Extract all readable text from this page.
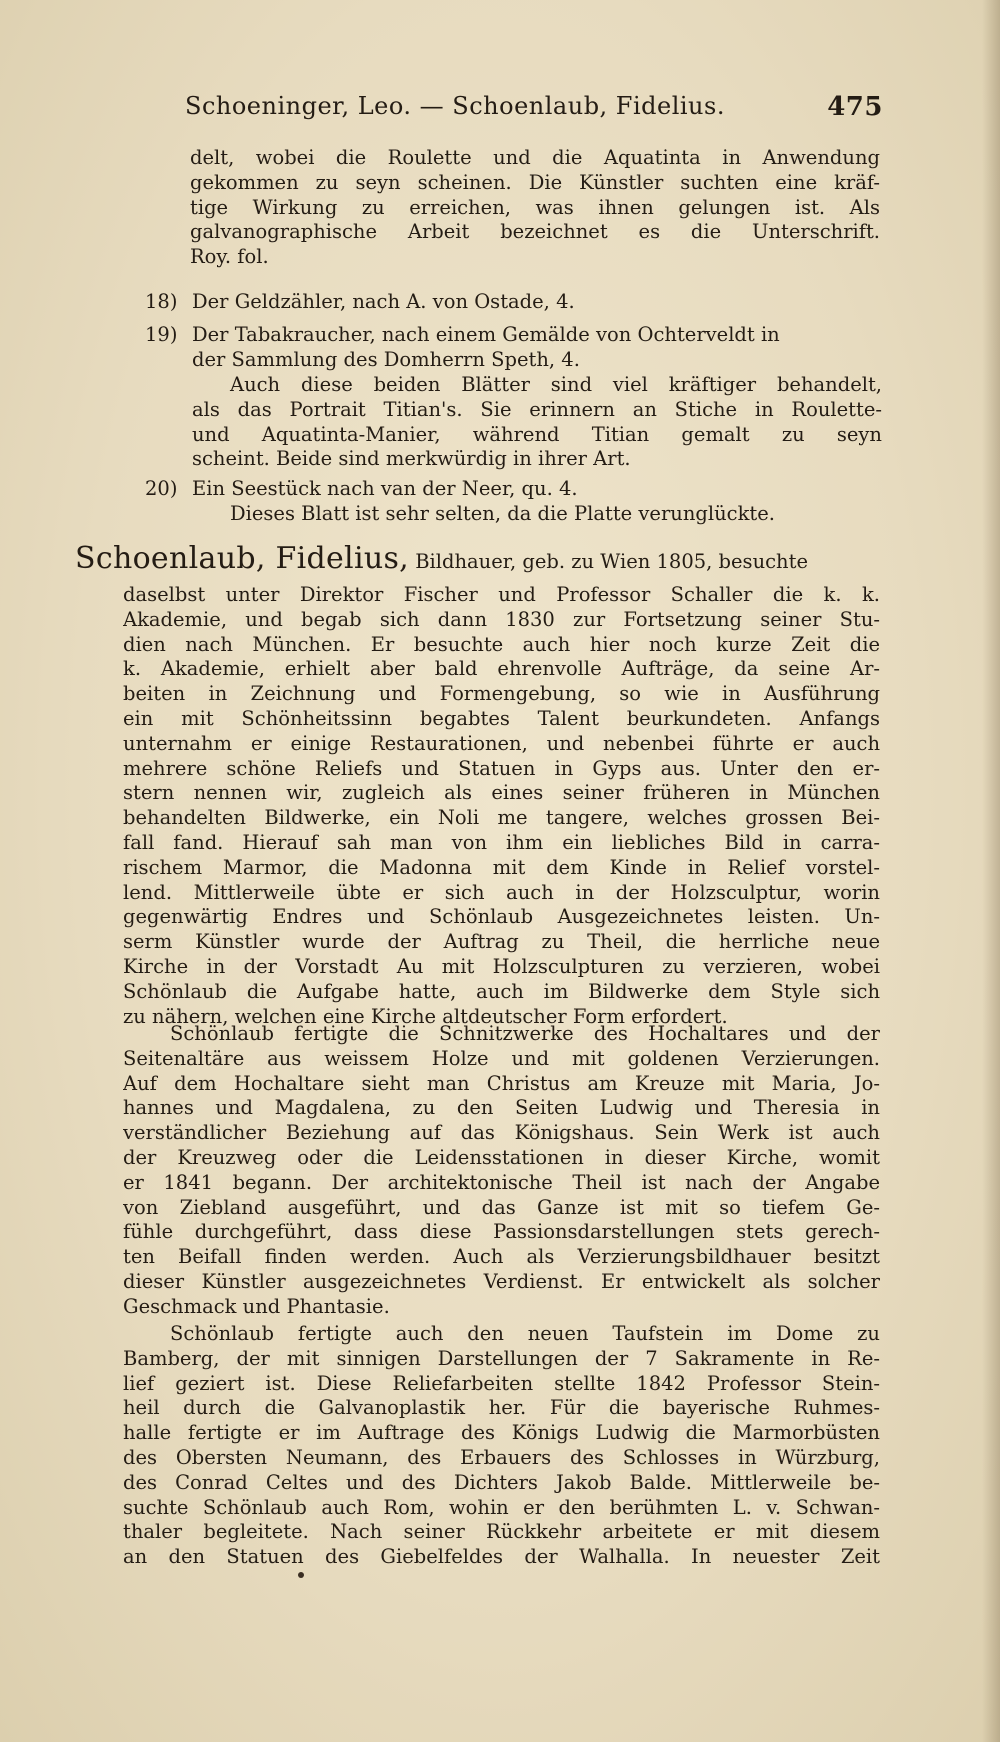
Schoeninger, Leo. — Schoenlaub, Fidelius.	475
delt, wobei die Roulette und die Aquatinta in Anwendung
gekommen zu seyn scheinen. Die Künstler suchten eine kräf-
tige Wirkung zu erreichen, was ihnen gelungen ist. Als
galvanographische Arbeit bezeichnet es die Unterschrift.
Roy. fol.
18) Der Geldzähler, nach A. von Ostade, 4.
19) Der Tabakraucher, nach einem Gemälde von Ochterveldt in
der Sammlung des Domherrn Speth, 4.
Auch diese beiden Blätter sind viel kräftiger behandelt,
als das Portrait Titian's. Sie erinnern an Stiche in Roulette-
und Aquatinta-Manier, während Titian gemalt zu seyn
scheint. Beide sind merkwürdig in ihrer Art.
20) Ein Seestück nach van der Neer, qu. 4.
Dieses Blatt ist sehr selten, da die Platte verunglückte.
Schoenlaub, Fidelius, Bildhauer, geb. zu Wien 1805, besuchte
daselbst unter Direktor Fischer und Professor Schaller die k. k.
Akademie, und begab sich dann 1830 zur Fortsetzung seiner Stu-
dien nach München. Er besuchte auch hier noch kurze Zeit die
k. Akademie, erhielt aber bald ehrenvolle Aufträge, da seine Ar-
beiten in Zeichnung und Formengebung, so wie in Ausführung
ein mit Schönheitssinn begabtes Talent beurkundeten. Anfangs
unternahm er einige Restaurationen, und nebenbei führte er auch
mehrere schöne Reliefs und Statuen in Gyps aus. Unter den er-
stern nennen wir, zugleich als eines seiner früheren in München
behandelten Bildwerke, ein Noli me tangere, welches grossen Bei-
fall fand. Hierauf sah man von ihm ein liebliches Bild in carra-
rischem Marmor, die Madonna mit dem Kinde in Relief vorstel-
lend. Mittlerweile übte er sich auch in der Holzsculptur, worin
gegenwärtig Endres und Schönlaub Ausgezeichnetes leisten. Un-
serm Künstler wurde der Auftrag zu Theil, die herrliche neue
Kirche in der Vorstadt Au mit Holzsculpturen zu verzieren, wobei
Schönlaub die Aufgabe hatte, auch im Bildwerke dem Style sich
zu nähern, welchen eine Kirche altdeutscher Form erfordert.
Schönlaub fertigte die Schnitzwerke des Hochaltares und der
Seitenaltäre aus weissem Holze und mit goldenen Verzierungen.
Auf dem Hochaltare sieht man Christus am Kreuze mit Maria, Jo-
hannes und Magdalena, zu den Seiten Ludwig und Theresia in
verständlicher Beziehung auf das Königshaus. Sein Werk ist auch
der Kreuzweg oder die Leidensstationen in dieser Kirche, womit
er 1841 begann. Der architektonische Theil ist nach der Angabe
von Ziebland ausgeführt, und das Ganze ist mit so tiefem Ge-
fühle durchgeführt, dass diese Passionsdarstellungen stets gerech-
ten Beifall finden werden. Auch als Verzierungsbildhauer besitzt
dieser Künstler ausgezeichnetes Verdienst. Er entwickelt als solcher
Geschmack und Phantasie.
Schönlaub fertigte auch den neuen Taufstein im Dome zu
Bamberg, der mit sinnigen Darstellungen der 7 Sakramente in Re-
lief geziert ist. Diese Reliefarbeiten stellte 1842 Professor Stein-
heil durch die Galvanoplastik her. Für die bayerische Ruhmes-
halle fertigte er im Auftrage des Königs Ludwig die Marmorbüsten
des Obersten Neumann, des Erbauers des Schlosses in Würzburg,
des Conrad Celtes und des Dichters Jakob Balde. Mittlerweile be-
suchte Schönlaub auch Rom, wohin er den berühmten L. v. Schwan-
thaler begleitete. Nach seiner Rückkehr arbeitete er mit diesem
an den Statuen des Giebelfeldes der Walhalla. In neuester Zeit
